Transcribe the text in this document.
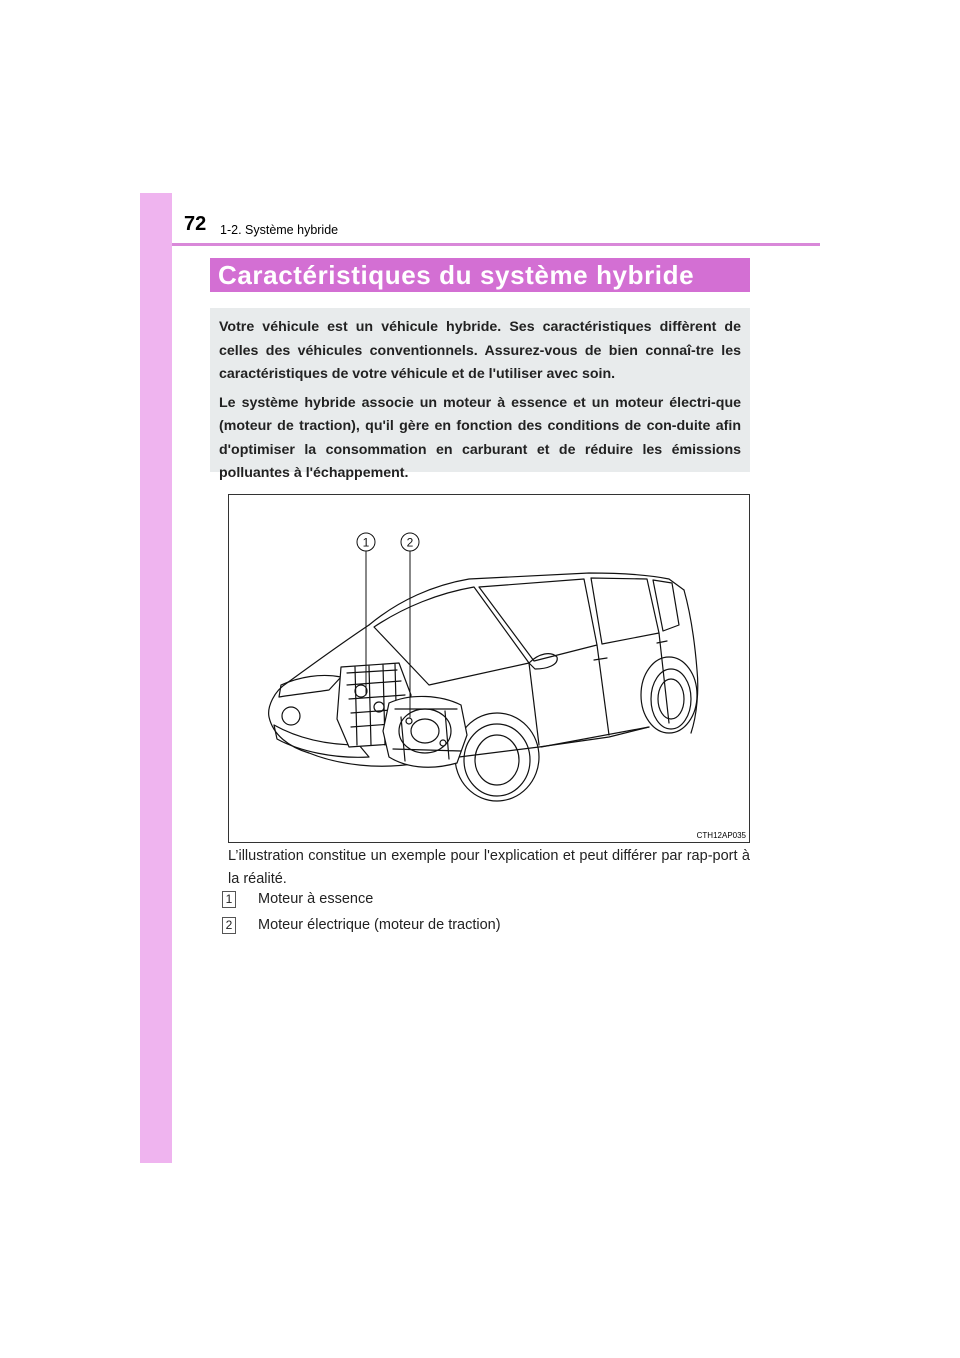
72 1-2. Système hybride
Caractéristiques du système hybride

Votre véhicule est un véhicule hybride. Ses caractéristiques diffèrent de celles des véhicules conventionnels. Assurez-vous de bien connaî-tre les caractéristiques de votre véhicule et de l'utiliser avec soin.

Le système hybride associe un moteur à essence et un moteur électri-que (moteur de traction), qu'il gère en fonction des conditions de con-duite afin d'optimiser la consommation en carburant et de réduire les émissions polluantes à l'échappement.

1	2
CTH12AP035
L’illustration constitue un exemple pour l'explication et peut différer par rap-port à la réalité.
1 Moteur à essence
2 Moteur électrique (moteur de traction)
